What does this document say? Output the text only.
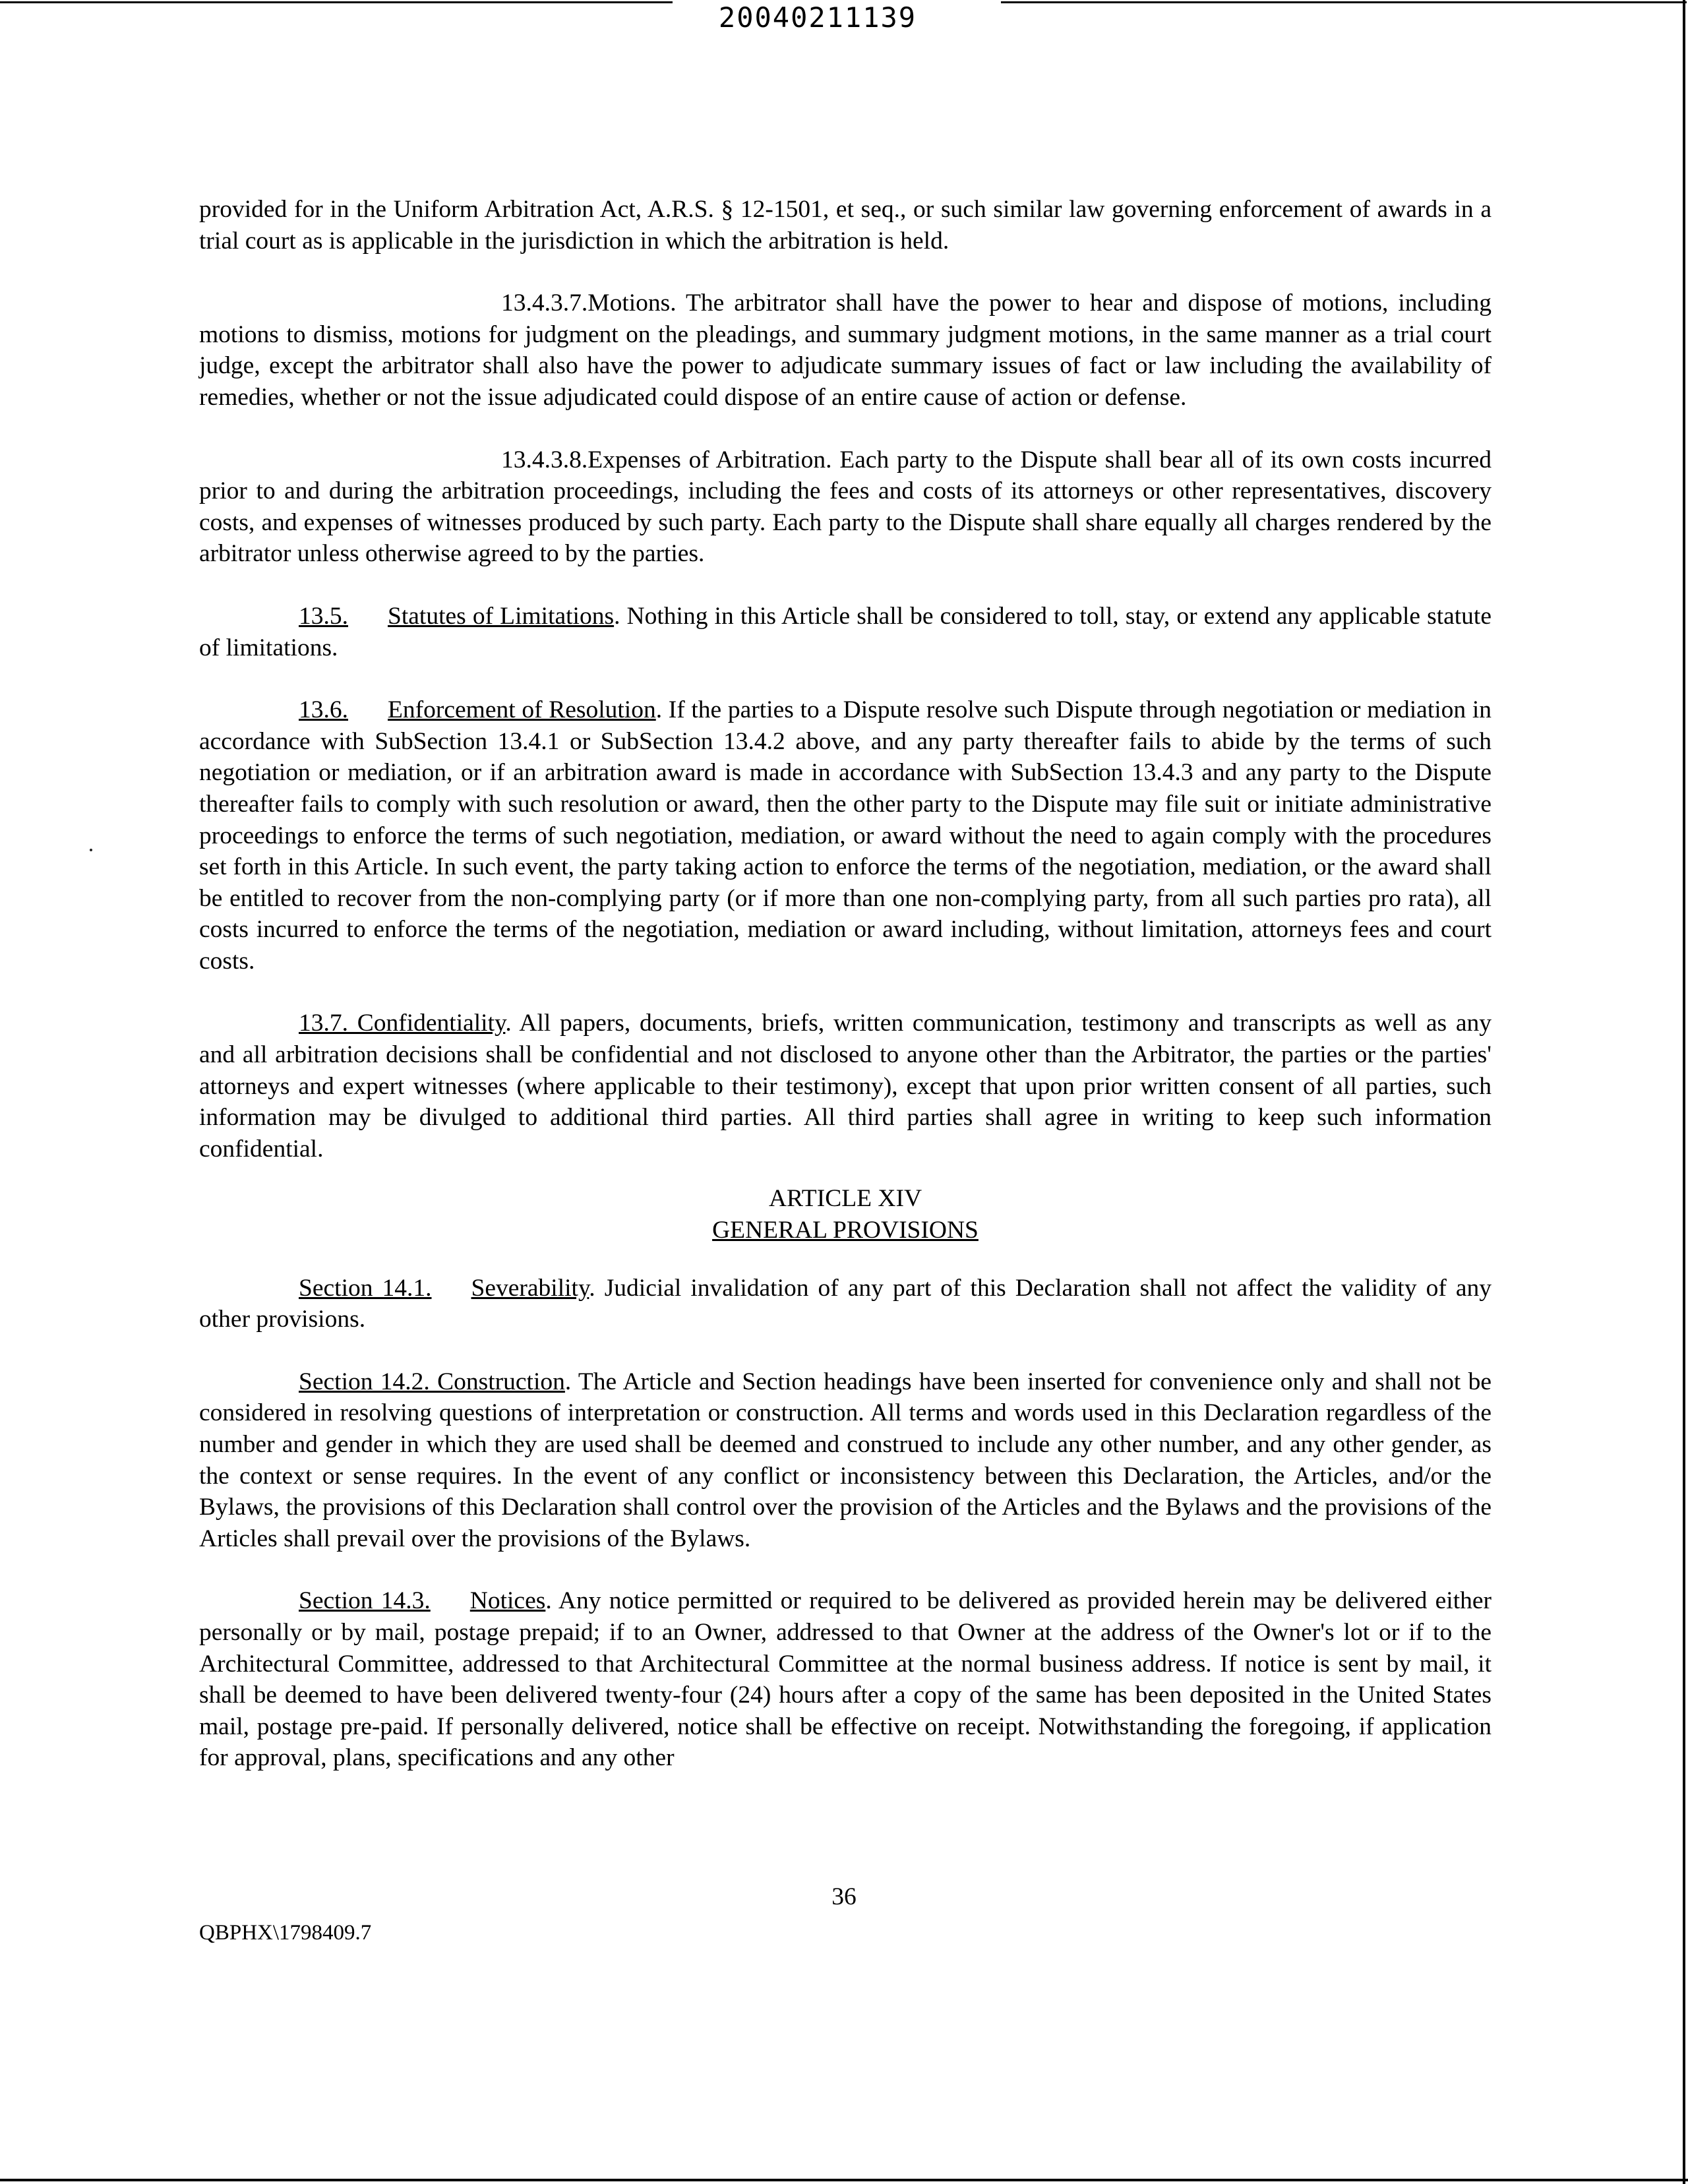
20040211139

provided for in the Uniform Arbitration Act, A.R.S. § 12-1501, et seq., or such similar law governing enforcement of awards in a trial court as is applicable in the jurisdiction in which the arbitration is held.

13.4.3.7.Motions. The arbitrator shall have the power to hear and dispose of motions, including motions to dismiss, motions for judgment on the pleadings, and summary judgment motions, in the same manner as a trial court judge, except the arbitrator shall also have the power to adjudicate summary issues of fact or law including the availability of remedies, whether or not the issue adjudicated could dispose of an entire cause of action or defense.

13.4.3.8.Expenses of Arbitration. Each party to the Dispute shall bear all of its own costs incurred prior to and during the arbitration proceedings, including the fees and costs of its attorneys or other representatives, discovery costs, and expenses of witnesses produced by such party. Each party to the Dispute shall share equally all charges rendered by the arbitrator unless otherwise agreed to by the parties.

13.5. Statutes of Limitations. Nothing in this Article shall be considered to toll, stay, or extend any applicable statute of limitations.

13.6. Enforcement of Resolution. If the parties to a Dispute resolve such Dispute through negotiation or mediation in accordance with SubSection 13.4.1 or SubSection 13.4.2 above, and any party thereafter fails to abide by the terms of such negotiation or mediation, or if an arbitration award is made in accordance with SubSection 13.4.3 and any party to the Dispute thereafter fails to comply with such resolution or award, then the other party to the Dispute may file suit or initiate administrative proceedings to enforce the terms of such negotiation, mediation, or award without the need to again comply with the procedures set forth in this Article. In such event, the party taking action to enforce the terms of the negotiation, mediation, or the award shall be entitled to recover from the non-complying party (or if more than one non-complying party, from all such parties pro rata), all costs incurred to enforce the terms of the negotiation, mediation or award including, without limitation, attorneys fees and court costs.

13.7. Confidentiality. All papers, documents, briefs, written communication, testimony and transcripts as well as any and all arbitration decisions shall be confidential and not disclosed to anyone other than the Arbitrator, the parties or the parties' attorneys and expert witnesses (where applicable to their testimony), except that upon prior written consent of all parties, such information may be divulged to additional third parties. All third parties shall agree in writing to keep such information confidential.

ARTICLE XIV
GENERAL PROVISIONS

Section 14.1. Severability. Judicial invalidation of any part of this Declaration shall not affect the validity of any other provisions.

Section 14.2. Construction. The Article and Section headings have been inserted for convenience only and shall not be considered in resolving questions of interpretation or construction. All terms and words used in this Declaration regardless of the number and gender in which they are used shall be deemed and construed to include any other number, and any other gender, as the context or sense requires. In the event of any conflict or inconsistency between this Declaration, the Articles, and/or the Bylaws, the provisions of this Declaration shall control over the provision of the Articles and the Bylaws and the provisions of the Articles shall prevail over the provisions of the Bylaws.

Section 14.3. Notices. Any notice permitted or required to be delivered as provided herein may be delivered either personally or by mail, postage prepaid; if to an Owner, addressed to that Owner at the address of the Owner's lot or if to the Architectural Committee, addressed to that Architectural Committee at the normal business address. If notice is sent by mail, it shall be deemed to have been delivered twenty-four (24) hours after a copy of the same has been deposited in the United States mail, postage pre-paid. If personally delivered, notice shall be effective on receipt. Notwithstanding the foregoing, if application for approval, plans, specifications and any other

36
QBPHX\1798409.7
